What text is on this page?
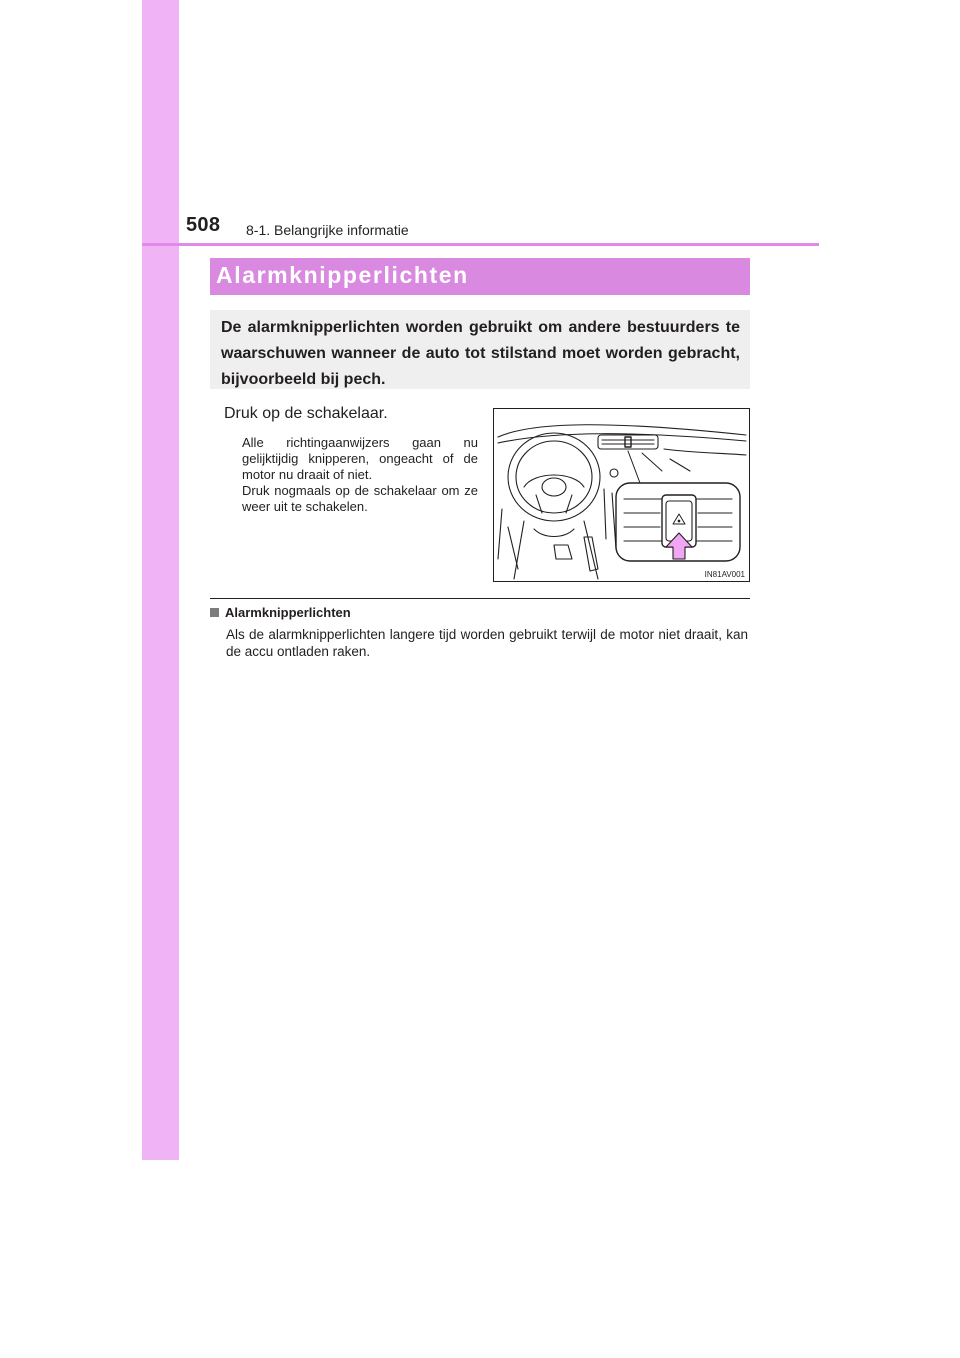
508 8-1. Belangrijke informatie
Alarmknipperlichten

De alarmknipperlichten worden gebruikt om andere bestuurders te waarschuwen wanneer de auto tot stilstand moet worden gebracht, bijvoorbeeld bij pech.

Druk op de schakelaar.

Alle richtingaanwijzers gaan nu gelijktijdig knipperen, ongeacht of de motor nu draait of niet.

Druk nogmaals op de schakelaar om ze weer uit te schakelen.

IN81AV001
Alarmknipperlichten
Als de alarmknipperlichten langere tijd worden gebruikt terwijl de motor niet draait, kan de accu ontladen raken.
